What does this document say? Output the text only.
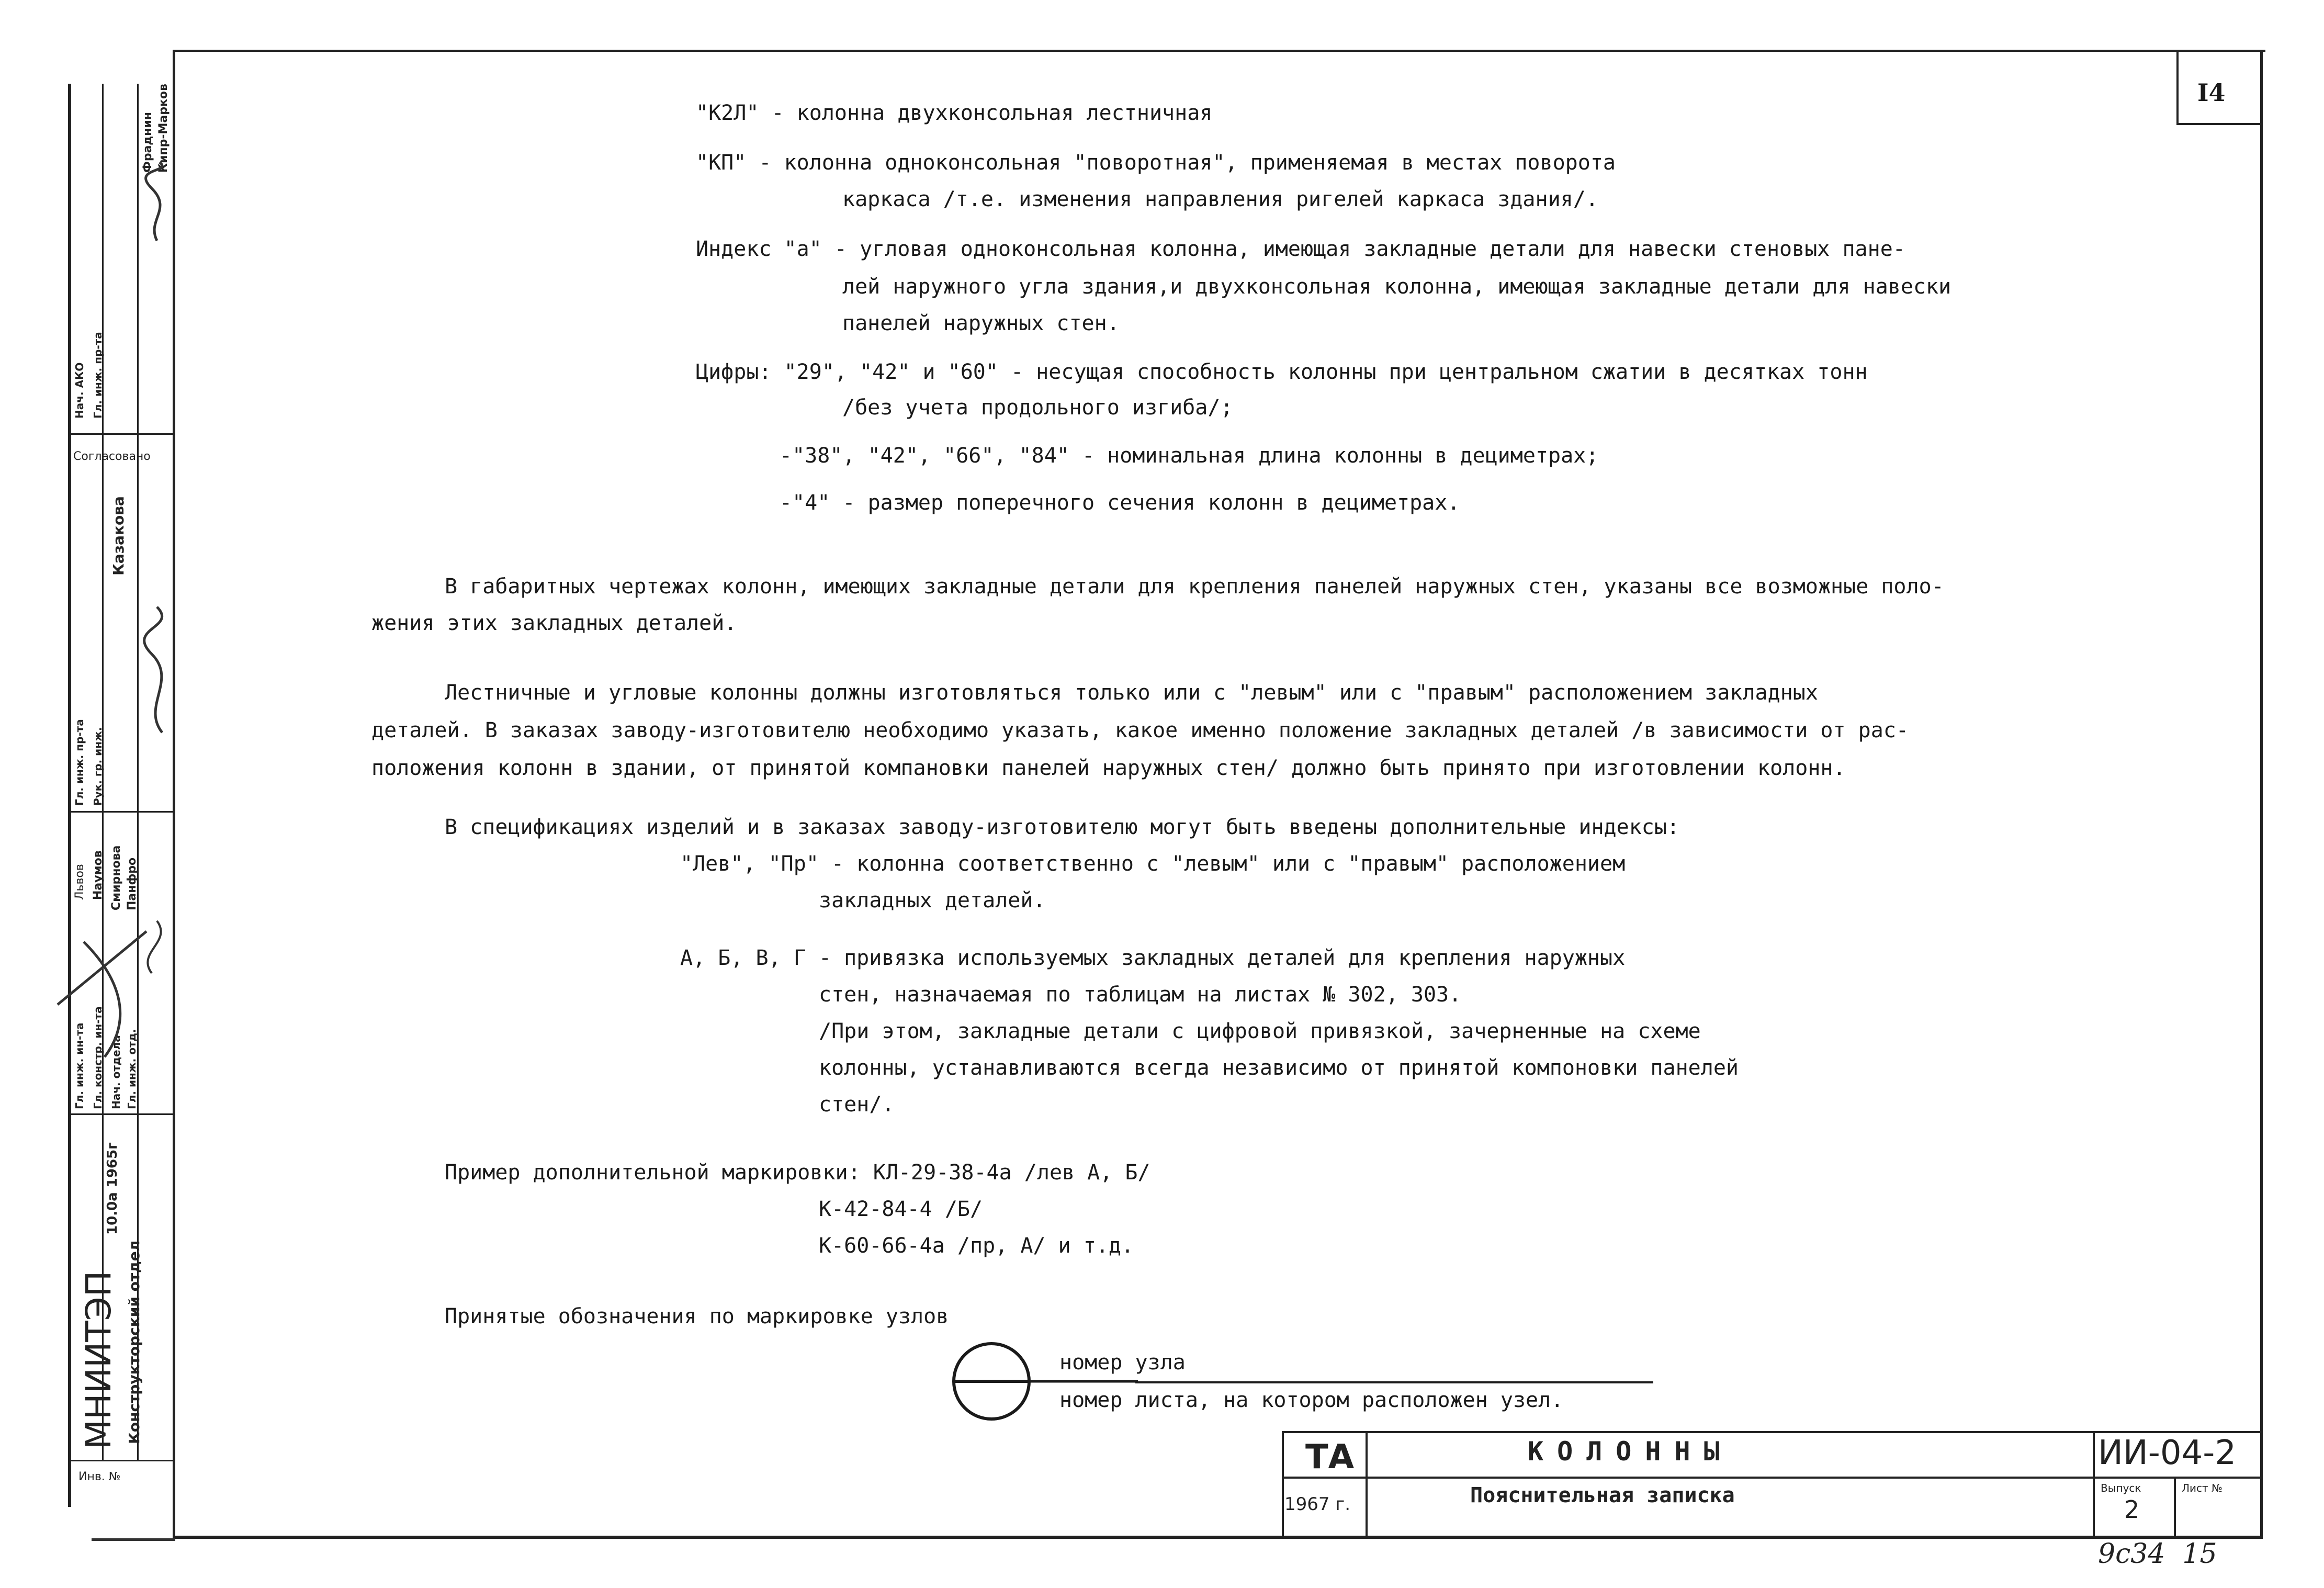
I4
МНИИТЭП Конструкторский отдел
10.0а 1965г
Согласовано
Инв. №
Гл. инж. ин-та Гл. констр. ин-та Нач. отдела Гл. инж. отд.
Гл. инж. пр-та Рук. гр. инж.
Нач. АКО Гл. инж. пр-та
Львов Наумов Смирнова Панфро
Казакова
Фраднин Кипр-Марков	"К2Л" - колонна двухконсольная лестничная
"КП" - колонна одноконсольная "поворотная", применяемая в местах поворота
каркаса /т.е. изменения направления ригелей каркаса здания/.
Индекс "а" - угловая одноконсольная колонна, имеющая закладные детали для навески стеновых пане-
лей наружного угла здания,и двухконсольная колонна, имеющая закладные детали для навески
панелей наружных стен.
Цифры: "29", "42" и "60" - несущая способность колонны при центральном сжатии в десятках тонн
/без учета продольного изгиба/;
-"38", "42", "66", "84" - номинальная длина колонны в дециметрах;
-"4" - размер поперечного сечения колонн в дециметрах.
В габаритных чертежах колонн, имеющих закладные детали для крепления панелей наружных стен, указаны все возможные поло-
жения этих закладных деталей.
Лестничные и угловые колонны должны изготовляться только или с "левым" или с "правым" расположением закладных
деталей. В заказах заводу-изготовителю необходимо указать, какое именно положение закладных деталей /в зависимости от рас-
положения колонн в здании, от принятой компановки панелей наружных стен/ должно быть принято при изготовлении колонн.
В спецификациях изделий и в заказах заводу-изготовителю могут быть введены дополнительные индексы:
"Лев", "Пр" - колонна соответственно с "левым" или с "правым" расположением
закладных деталей.
А, Б, В, Г - привязка используемых закладных деталей для крепления наружных
стен, назначаемая по таблицам на листах № 302, 303.
/При этом, закладные детали с цифровой привязкой, зачерненные на схеме
колонны, устанавливаются всегда независимо от принятой компоновки панелей
стен/.
Пример дополнительной маркировки: КЛ-29-38-4а /лев А, Б/
К-42-84-4 /Б/
К-60-66-4а /пр, А/ и т.д.
Принятые обозначения по маркировке узлов
номер узла
номер листа, на котором расположен узел.
ТА
1967 г.
КОЛОННЫ
Пояснительная записка
ИИ-04-2
Выпуск
2
Лист №
9с34  15
